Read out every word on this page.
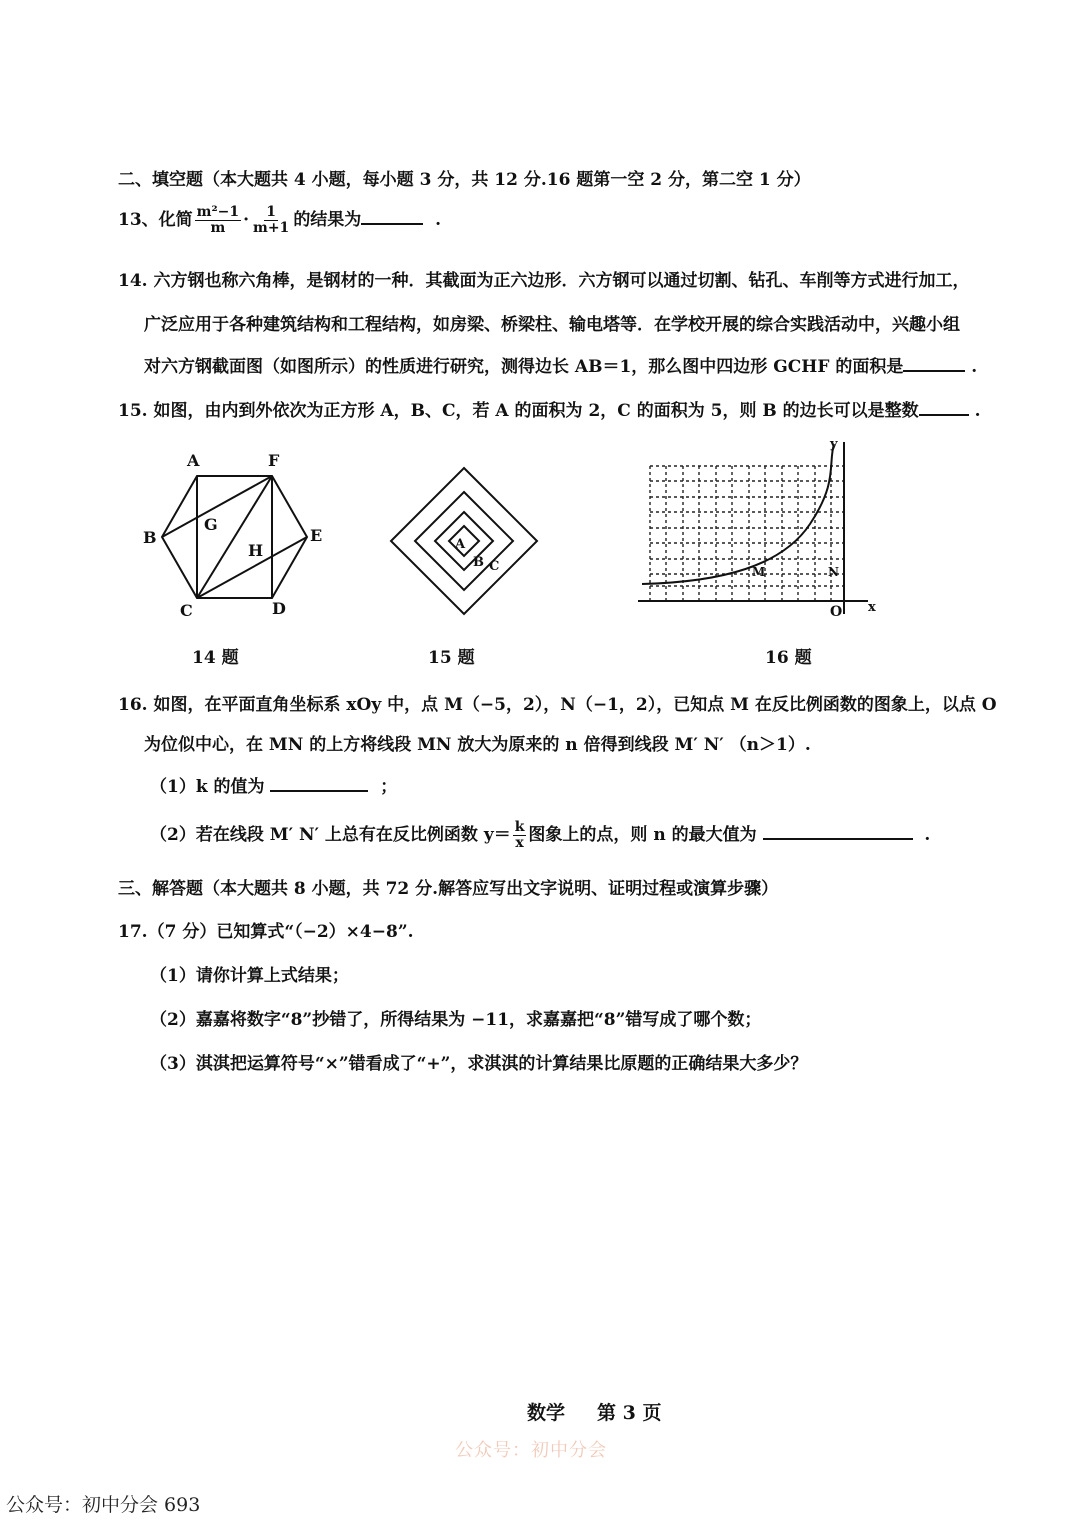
二、填空题（本大题共 4 小题，每小题 3 分，共 12 分.16 题第一空 2 分，第二空 1 分）
13、化简 $\frac{\text{m²−1}}{m} \cdot \frac{1}{m+1}$ 的结果为	.
14. 六方钢也称六角棒，是钢材的一种．其截面为正六边形．六方钢可以通过切割、钻孔、车削等方式进行加工，
广泛应用于各种建筑结构和工程结构，如房梁、桥梁柱、输电塔等．在学校开展的综合实践活动中，兴趣小组
对六方钢截面图（如图所示）的性质进行研究，测得边长 AB＝1，那么图中四边形 GCHF 的面积是	.
15. 如图，由内到外依次为正方形 A，B、C，若 A 的面积为 2，C 的面积为 5，则 B 的边长可以是整数	.
A	F
B	E
C	D
G
H	A
B C
y
x
O
M	N
14 题	15 题	16 题
16. 如图，在平面直角坐标系 xOy 中，点 M（−5，2），N（−1，2），已知点 M 在反比例函数的图象上，以点 O
为位似中心，在 MN 的上方将线段 MN 放大为原来的 n 倍得到线段 M′ N′ （n＞1）.
（1）k 的值为	；
（2）若在线段 M′ N′ 上总有在反比例函数 $y= \frac{k}{x}$ 图象上的点，则 n 的最大值为	.
三、解答题（本大题共 8 小题，共 72 分.解答应写出文字说明、证明过程或演算步骤）
17.（7 分）已知算式“（−2）×4−8”.
（1）请你计算上式结果；
（2）嘉嘉将数字“8”抄错了，所得结果为 −11，求嘉嘉把“8”错写成了哪个数；
（3）淇淇把运算符号“×”错看成了“+”，求淇淇的计算结果比原题的正确结果大多少？
数学 第 3 页
公众号：初中分会
公众号：初中分会 693
